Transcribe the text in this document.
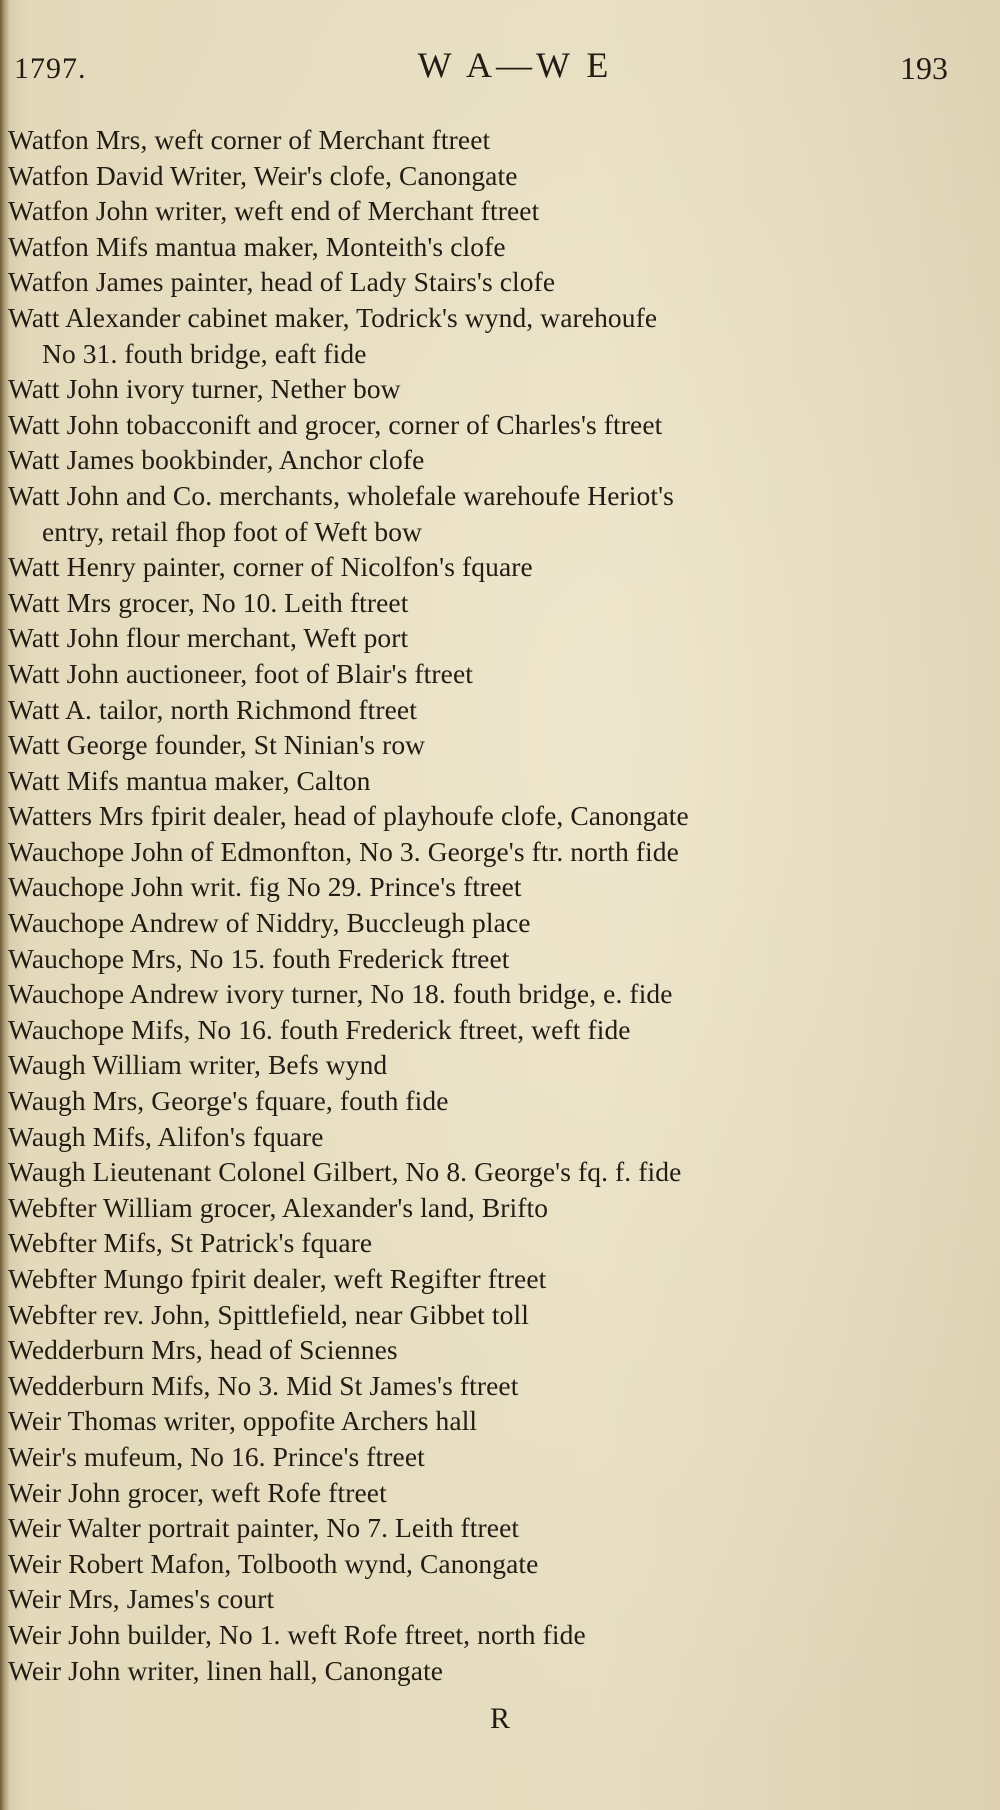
1797.	W A—W E	193
Watfon Mrs, weft corner of Merchant ftreet
Watfon David Writer, Weir's clofe, Canongate
Watfon John writer, weft end of Merchant ftreet
Watfon Mifs mantua maker, Monteith's clofe
Watfon James painter, head of Lady Stairs's clofe
Watt Alexander cabinet maker, Todrick's wynd, warehoufe
No 31. fouth bridge, eaft fide
Watt John ivory turner, Nether bow
Watt John tobacconift and grocer, corner of Charles's ftreet
Watt James bookbinder, Anchor clofe
Watt John and Co. merchants, wholefale warehoufe Heriot's
entry, retail fhop foot of Weft bow
Watt Henry painter, corner of Nicolfon's fquare
Watt Mrs grocer, No 10. Leith ftreet
Watt John flour merchant, Weft port
Watt John auctioneer, foot of Blair's ftreet
Watt A. tailor, north Richmond ftreet
Watt George founder, St Ninian's row
Watt Mifs mantua maker, Calton
Watters Mrs fpirit dealer, head of playhoufe clofe, Canongate
Wauchope John of Edmonfton, No 3. George's ftr. north fide
Wauchope John writ. fig No 29. Prince's ftreet
Wauchope Andrew of Niddry, Buccleugh place
Wauchope Mrs, No 15. fouth Frederick ftreet
Wauchope Andrew ivory turner, No 18. fouth bridge, e. fide
Wauchope Mifs, No 16. fouth Frederick ftreet, weft fide
Waugh William writer, Befs wynd
Waugh Mrs, George's fquare, fouth fide
Waugh Mifs, Alifon's fquare
Waugh Lieutenant Colonel Gilbert, No 8. George's fq. f. fide
Webfter William grocer, Alexander's land, Brifto
Webfter Mifs, St Patrick's fquare
Webfter Mungo fpirit dealer, weft Regifter ftreet
Webfter rev. John, Spittlefield, near Gibbet toll
Wedderburn Mrs, head of Sciennes
Wedderburn Mifs, No 3. Mid St James's ftreet
Weir Thomas writer, oppofite Archers hall
Weir's mufeum, No 16. Prince's ftreet
Weir John grocer, weft Rofe ftreet
Weir Walter portrait painter, No 7. Leith ftreet
Weir Robert Mafon, Tolbooth wynd, Canongate
Weir Mrs, James's court
Weir John builder, No 1. weft Rofe ftreet, north fide
Weir John writer, linen hall, Canongate
R
